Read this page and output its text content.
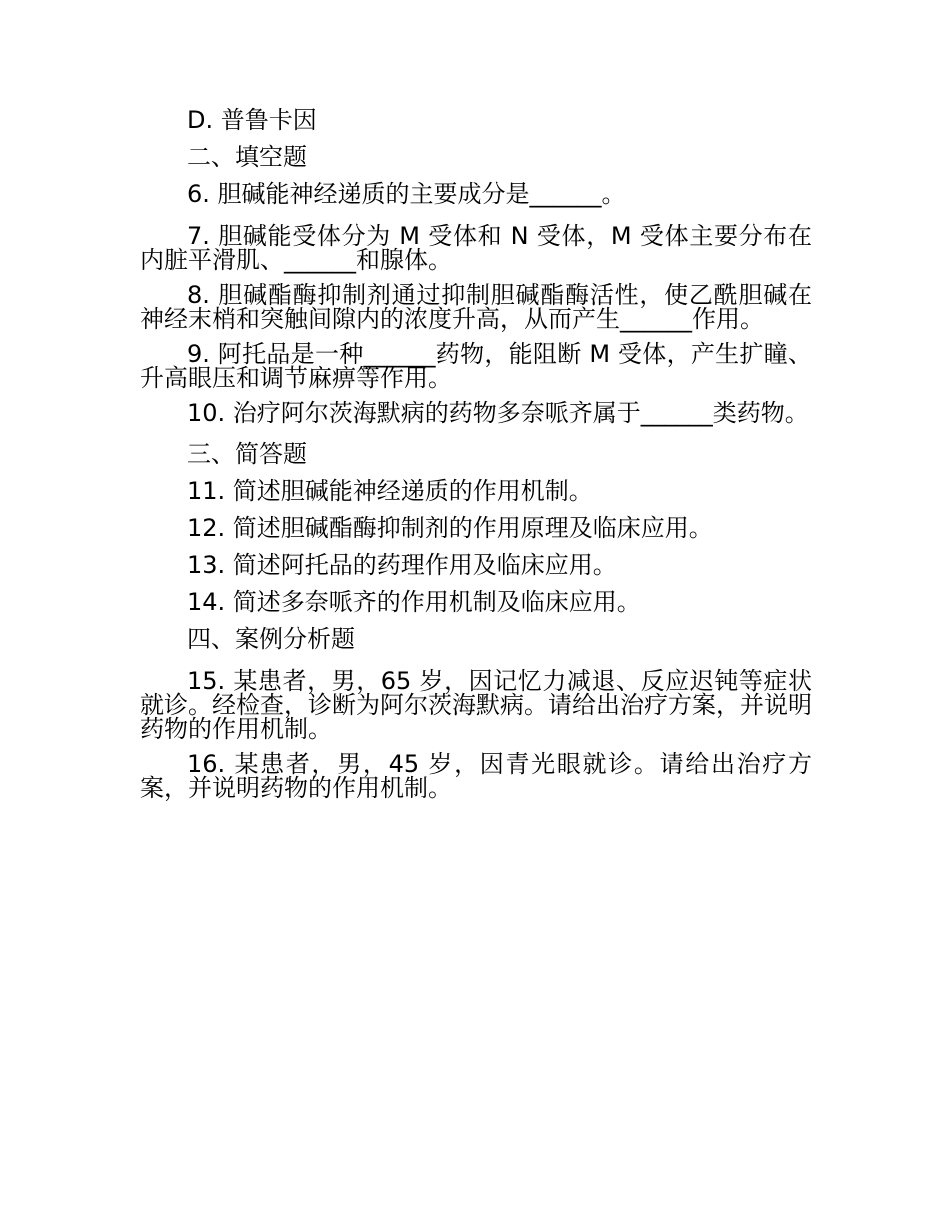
D. 普鲁卡因
二、填空题
6. 胆碱能神经递质的主要成分是______。
7. 胆碱能受体分为 M 受体和 N 受体，M 受体主要分布在内脏平滑肌、______和腺体。
8. 胆碱酯酶抑制剂通过抑制胆碱酯酶活性，使乙酰胆碱在神经末梢和突触间隙内的浓度升高，从而产生______作用。
9. 阿托品是一种______药物，能阻断 M 受体，产生扩瞳、升高眼压和调节麻痹等作用。
10. 治疗阿尔茨海默病的药物多奈哌齐属于______类药物。
三、简答题
11. 简述胆碱能神经递质的作用机制。
12. 简述胆碱酯酶抑制剂的作用原理及临床应用。
13. 简述阿托品的药理作用及临床应用。
14. 简述多奈哌齐的作用机制及临床应用。
四、案例分析题
15. 某患者，男，65 岁，因记忆力减退、反应迟钝等症状就诊。经检查，诊断为阿尔茨海默病。请给出治疗方案，并说明药物的作用机制。
16. 某患者，男，45 岁，因青光眼就诊。请给出治疗方案，并说明药物的作用机制。
